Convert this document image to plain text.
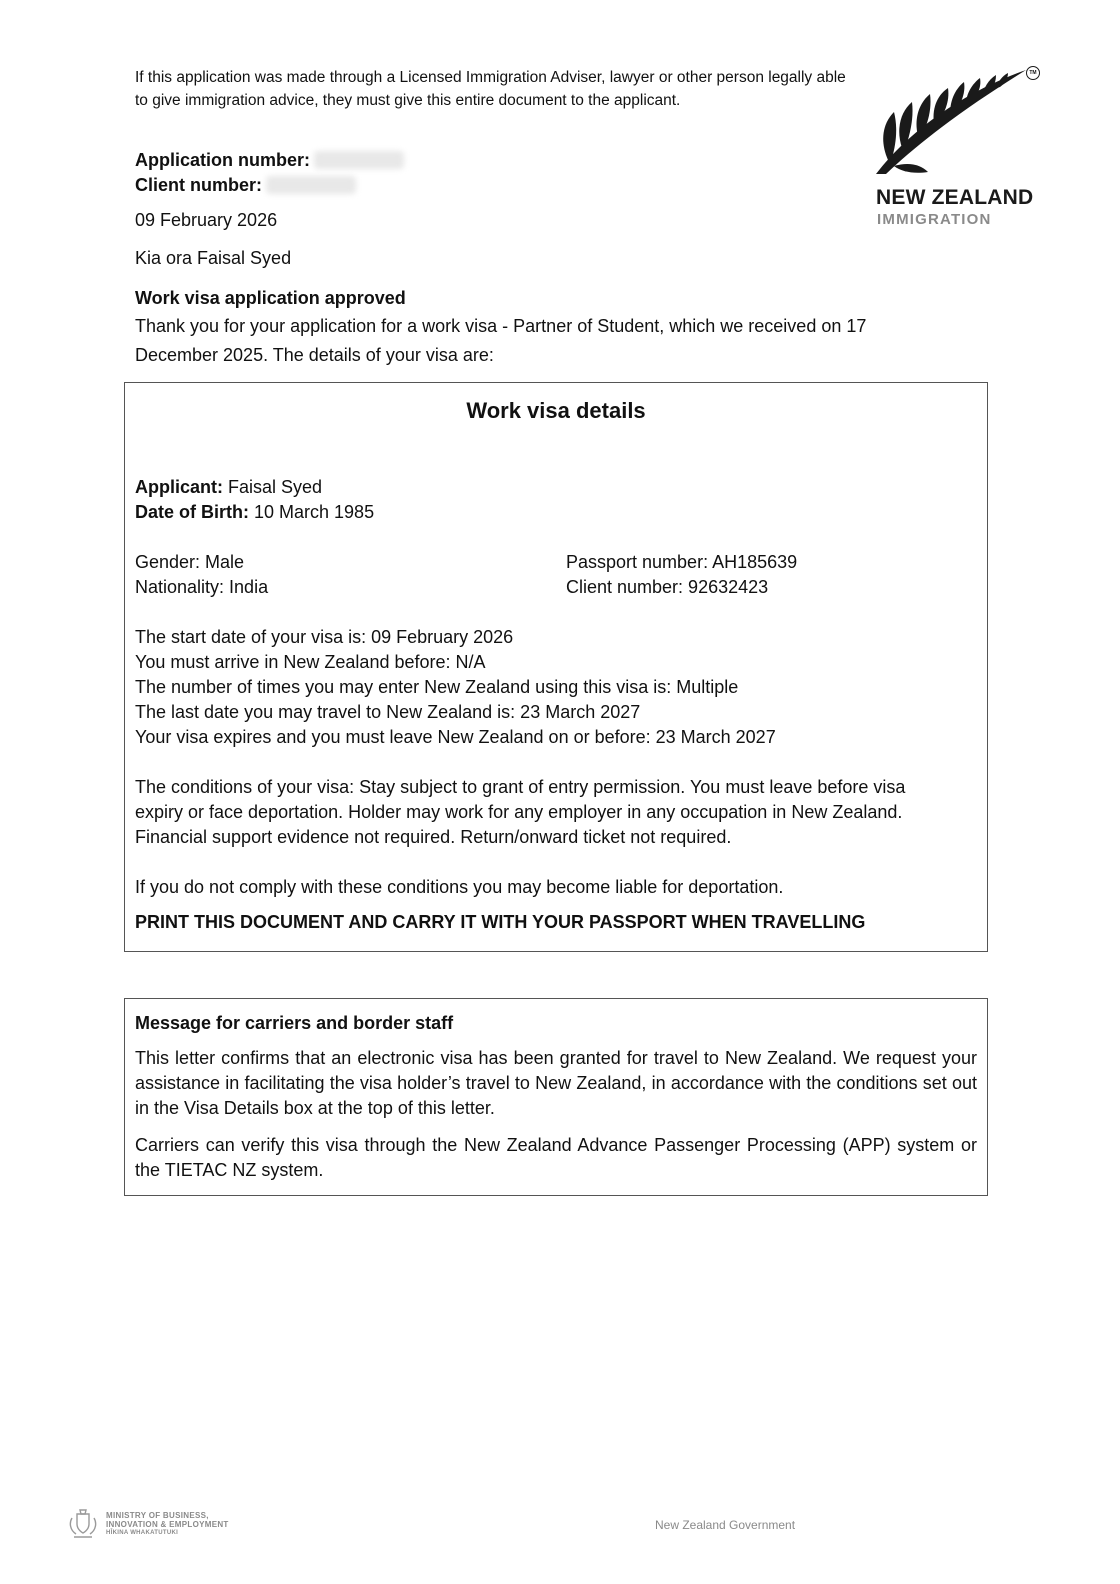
If this application was made through a Licensed Immigration Adviser, lawyer or other person legally able to give immigration advice, they must give this entire document to the applicant.
TM
NEW ZEALAND
IMMIGRATION
Application number:
Client number:
09 February 2026
Kia ora Faisal Syed
Work visa application approved
Thank you for your application for a work visa - Partner of Student, which we received on 17
December 2025. The details of your visa are:
Work visa details
Applicant: Faisal Syed
Date of Birth: 10 March 1985
Gender: Male
Nationality: India
Passport number: AH185639
Client number: 92632423
The start date of your visa is: 09 February 2026
You must arrive in New Zealand before: N/A
The number of times you may enter New Zealand using this visa is: Multiple
The last date you may travel to New Zealand is: 23 March 2027
Your visa expires and you must leave New Zealand on or before: 23 March 2027
The conditions of your visa: Stay subject to grant of entry permission. You must leave before visa
expiry or face deportation. Holder may work for any employer in any occupation in New Zealand.
Financial support evidence not required. Return/onward ticket not required.
If you do not comply with these conditions you may become liable for deportation.
PRINT THIS DOCUMENT AND CARRY IT WITH YOUR PASSPORT WHEN TRAVELLING
Message for carriers and border staff
This letter confirms that an electronic visa has been granted for travel to New Zealand. We request your assistance in facilitating the visa holder’s travel to New Zealand, in accordance with the conditions set out in the Visa Details box at the top of this letter.
Carriers can verify this visa through the New Zealand Advance Passenger Processing (APP) system or the TIETAC NZ system.
MINISTRY OF BUSINESS,
INNOVATION & EMPLOYMENT
HĪKINA WHAKATUTUKI
New Zealand Government
